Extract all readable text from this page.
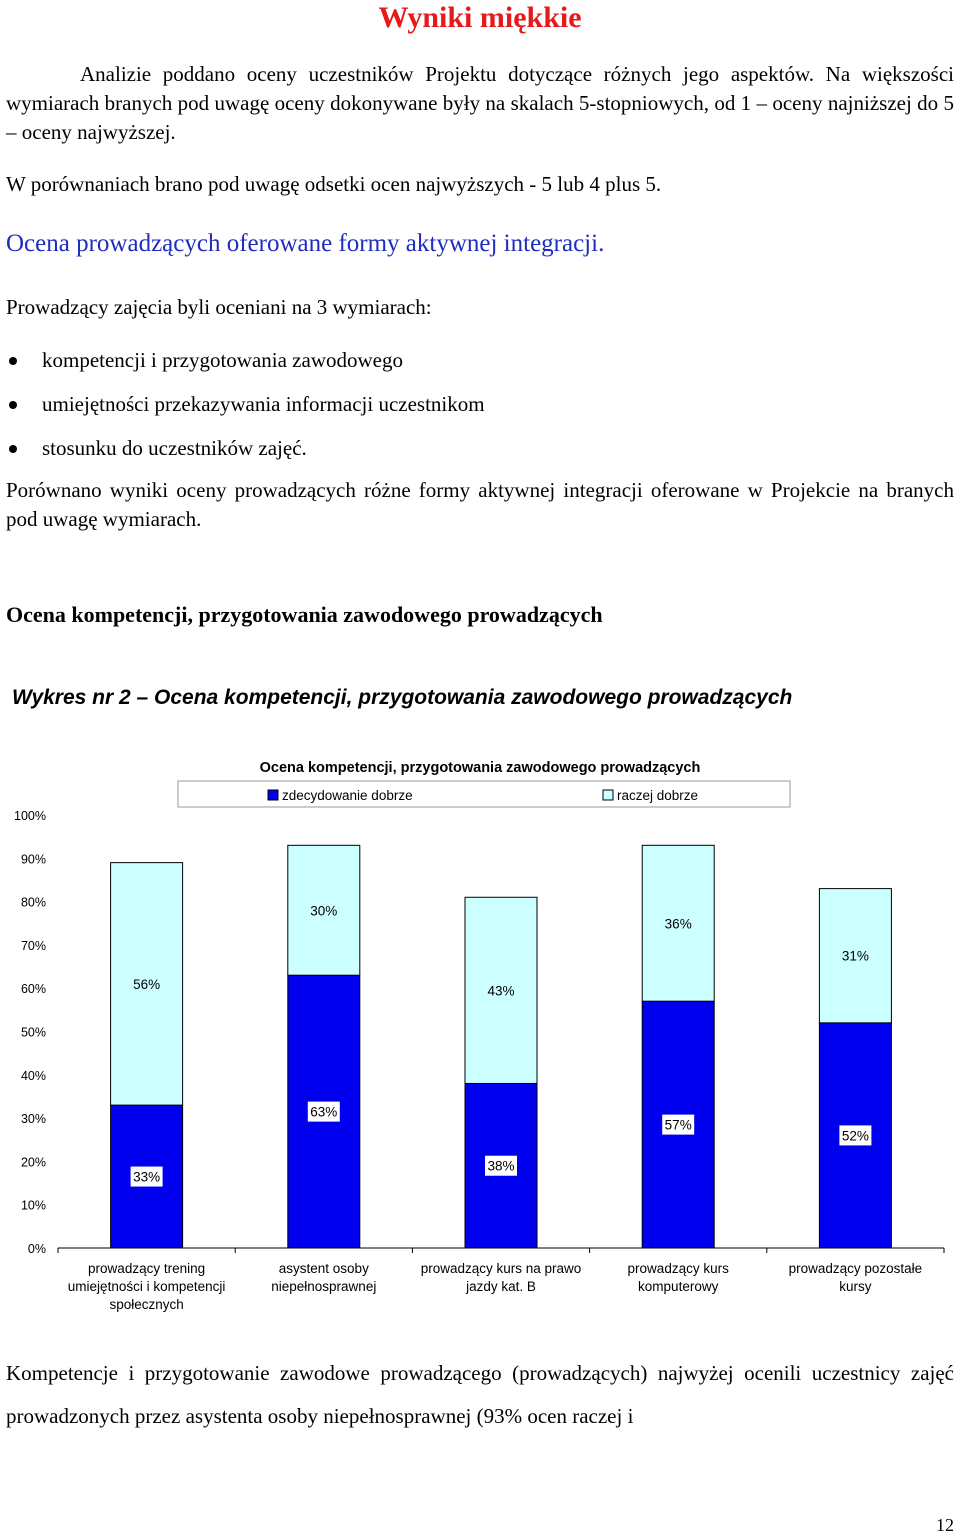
Wyniki miękkie
Analizie poddano oceny uczestników Projektu dotyczące różnych jego aspektów. Na większości wymiarach branych pod uwagę oceny dokonywane były na skalach 5-stopniowych, od 1 – oceny najniższej do 5 – oceny najwyższej.
W porównaniach brano pod uwagę odsetki ocen najwyższych - 5 lub 4 plus 5.
Ocena prowadzących oferowane formy aktywnej integracji.
Prowadzący zajęcia byli oceniani na 3 wymiarach:
kompetencji i przygotowania zawodowego
umiejętności przekazywania informacji uczestnikom
stosunku do uczestników zajęć.
Porównano wyniki oceny prowadzących różne formy aktywnej integracji oferowane w Projekcie na branych pod uwagę wymiarach.
Ocena kompetencji, przygotowania zawodowego prowadzących
Wykres nr 2 – Ocena kompetencji, przygotowania zawodowego prowadzących
Ocena kompetencji, przygotowania zawodowego prowadzących
zdecydowanie dobrze	raczej dobrze
0%
10%
20%
30%
40%
50%
60%
70%
80%
90%
100%
33%
56%
prowadzący trening
umiejętności i kompetencji
społecznych
63%
30%
asystent osoby
niepełnosprawnej
38%
43%
prowadzący kurs na prawo
jazdy kat. B
57%
36%
prowadzący kurs
komputerowy
52%
31%
prowadzący pozostałe
kursy
Kompetencje i przygotowanie zawodowe prowadzącego (prowadzących) najwyżej ocenili uczestnicy zajęć prowadzonych przez asystenta osoby niepełnosprawnej (93% ocen raczej i
12
